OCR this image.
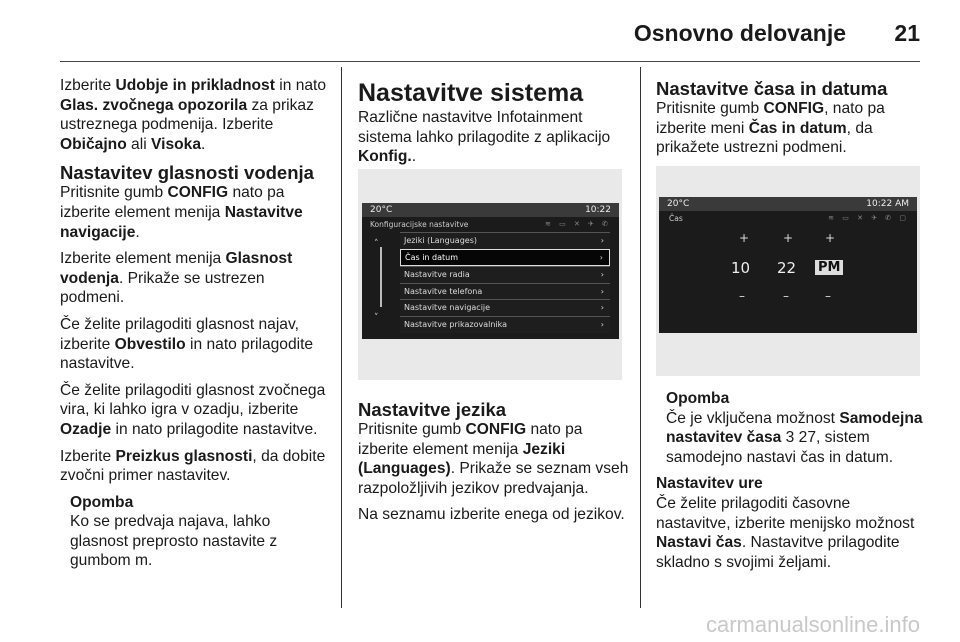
Osnovno delovanje	21

Izberite Udobje in prikladnost in nato Glas. zvočnega opozorila za prikaz ustreznega podmenija. Izberite Običajno ali Visoka.

Nastavitev glasnosti vodenja

Pritisnite gumb CONFIG nato pa izberite element menija Nastavitve navigacije.

Izberite element menija Glasnost vodenja. Prikaže se ustrezen podmeni.

Če želite prilagoditi glasnost najav, izberite Obvestilo in nato prilagodite nastavitve.

Če želite prilagoditi glasnost zvočnega vira, ki lahko igra v ozadju, izberite Ozadje in nato prilagodite nastavitve.

Izberite Preizkus glasnosti, da dobite zvočni primer nastavitev.

Opomba
Ko se predvaja najava, lahko glasnost preprosto nastavite z gumbom m.
Nastavitve sistema

Različne nastavitve Infotainment sistema lahko prilagodite z aplikacijo Konfig..

20°C	10:22
Konfiguracijske nastavitve	≋ ▭ ✕ ✈ ✆
˄
˅
Jeziki (Languages)	›
Čas in datum	›
Nastavitve radia	›
Nastavitve telefona	›
Nastavitve navigacije	›
Nastavitve prikazovalnika	›
Nastavitve jezika

Pritisnite gumb CONFIG nato pa izberite element menija Jeziki (Languages). Prikaže se seznam vseh razpoložljivih jezikov predvajanja.

Na seznamu izberite enega od jezikov.

Nastavitve časa in datuma

Pritisnite gumb CONFIG, nato pa izberite meni Čas in datum, da prikažete ustrezni podmeni.

20°C	10:22 AM
Čas	≋ ▭ ✕ ✈ ✆ ▢
+	+	+
10 22 PM
–	–	–
Opomba
Če je vključena možnost Samodejna nastavitev časa 3 27, sistem samodejno nastavi čas in datum.
Nastavitev ure

Če želite prilagoditi časovne nastavitve, izberite menijsko možnost Nastavi čas. Nastavitve prilagodite skladno s svojimi željami.

carmanualsonline.info
